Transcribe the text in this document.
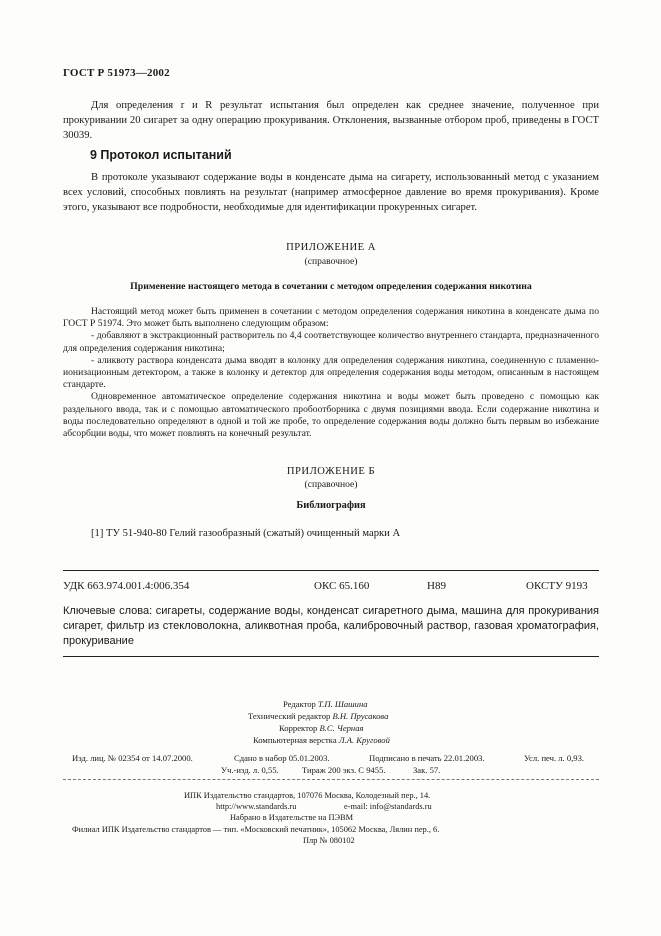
ГОСТ Р 51973—2002

Для определения r и R результат испытания был определен как среднее значение, полученное при прокуривании 20 сигарет за одну операцию прокуривания. Отклонения, вызванные отбором проб, приведены в ГОСТ 30039.

9 Протокол испытаний

В протоколе указывают содержание воды в конденсате дыма на сигарету, использованный метод с указанием всех условий, способных повлиять на результат (например атмосферное давление во время прокуривания). Кроме этого, указывают все подробности, необходимые для идентификации прокуренных сигарет.

ПРИЛОЖЕНИЕ А
(справочное)
Применение настоящего метода в сочетании с методом определения содержания никотина

Настоящий метод может быть применен в сочетании с методом определения содержания никотина в конденсате дыма по ГОСТ Р 51974. Это может быть выполнено следующим образом:

- добавляют в экстракционный растворитель по 4,4 соответствующее количество внутреннего стандарта, предназначенного для определения содержания никотина;

- аликвоту раствора конденсата дыма вводят в колонку для определения содержания никотина, соединенную с пламенно-ионизационным детектором, а также в колонку и детектор для определения содержания воды методом, описанным в настоящем стандарте.

Одновременное автоматическое определение содержания никотина и воды может быть проведено с помощью как раздельного ввода, так и с помощью автоматического пробоотборника с двумя позициями ввода. Если содержание никотина и воды последовательно определяют в одной и той же пробе, то определение содержания воды должно быть первым во избежание абсорбции воды, что может повлиять на конечный результат.

ПРИЛОЖЕНИЕ Б
(справочное)
Библиография

[1] ТУ 51-940-80 Гелий газообразный (сжатый) очищенный марки А

УДК 663.974.001.4:006.354	ОКС 65.160	Н89	ОКСТУ 9193
Ключевые слова: сигареты, содержание воды, конденсат сигаретного дыма, машина для прокуривания сигарет, фильтр из стекловолокна, аликвотная проба, калибровочный раствор, газовая хроматография, прокуривание
Редактор Т.П. Шашина
Технический редактор В.Н. Прусакова
Корректор В.С. Черная
Компьютерная верстка Л.А. Круговой
Изд. лиц. № 02354 от 14.07.2000.	Сдано в набор 05.01.2003.	Подписано в печать 22.01.2003.	Усл. печ. л. 0,93.
Уч.-изд. л. 0,55.	Тираж 200 экз. С 9455.	Зак. 57.
ИПК Издательство стандартов, 107076 Москва, Колодезный пер., 14.
http://www.standards.ru	e-mail: info@standards.ru
Набрано в Издательстве на ПЭВМ
Филиал ИПК Издательство стандартов — тип. «Московский печатник», 105062 Москва, Лялин пер., 6.
Плр № 080102
